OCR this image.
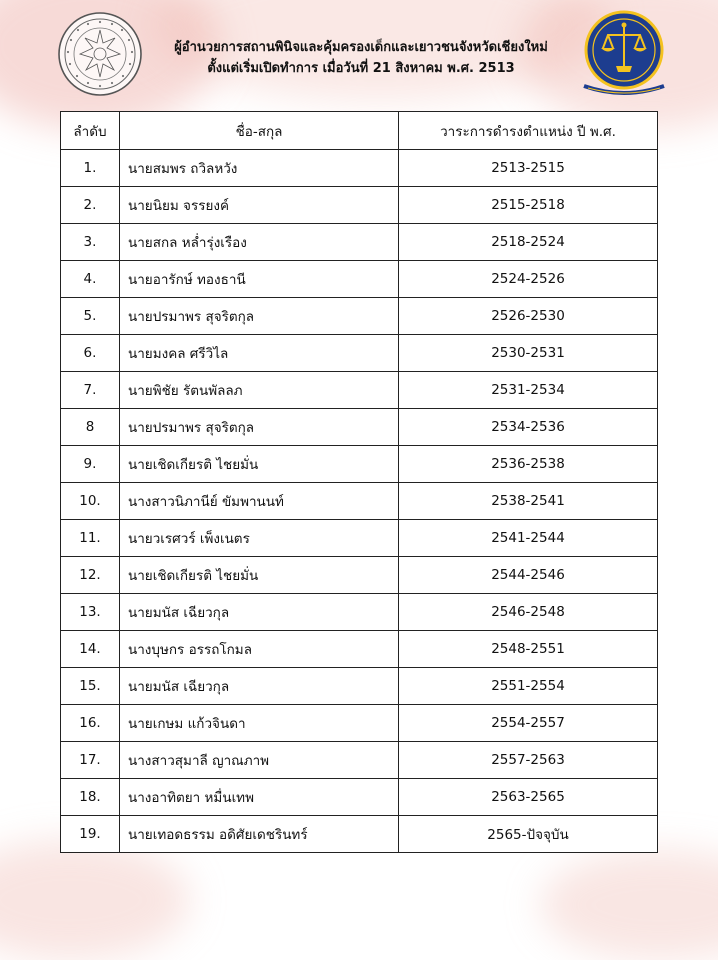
ผู้อำนวยการสถานพินิจและคุ้มครองเด็กและเยาวชนจังหวัดเชียงใหม่
ตั้งแต่เริ่มเปิดทำการ เมื่อวันที่ 21 สิงหาคม พ.ศ. 2513
ลำดับ	ชื่อ-สกุล	วาระการดำรงตำแหน่ง ปี พ.ศ.
1.	นายสมพร ถวิลหวัง	2513-2515
2.	นายนิยม จรรยงค์	2515-2518
3.	นายสกล หล่ำรุ่งเรือง	2518-2524
4.	นายอารักษ์ ทองธานี	2524-2526
5.	นายปรมาพร สุจริตกุล	2526-2530
6.	นายมงคล ศรีวิไล	2530-2531
7.	นายพิชัย รัตนพัลลภ	2531-2534
8	นายปรมาพร สุจริตกุล	2534-2536
9.	นายเชิดเกียรติ ไชยมั่น	2536-2538
10.	นางสาวนิภานีย์ ขัมพานนท์	2538-2541
11.	นายวเรศวร์ เพ็งเนตร	2541-2544
12.	นายเชิดเกียรติ ไชยมั่น	2544-2546
13.	นายมนัส เฉียวกุล	2546-2548
14.	นางบุษกร อรรถโกมล	2548-2551
15.	นายมนัส เฉียวกุล	2551-2554
16.	นายเกษม แก้วจินดา	2554-2557
17.	นางสาวสุมาลี ญาณภาพ	2557-2563
18.	นางอาทิตยา หมื่นเทพ	2563-2565
19.	นายเทอดธรรม อดิศัยเดชรินทร์	2565-ปัจจุบัน
